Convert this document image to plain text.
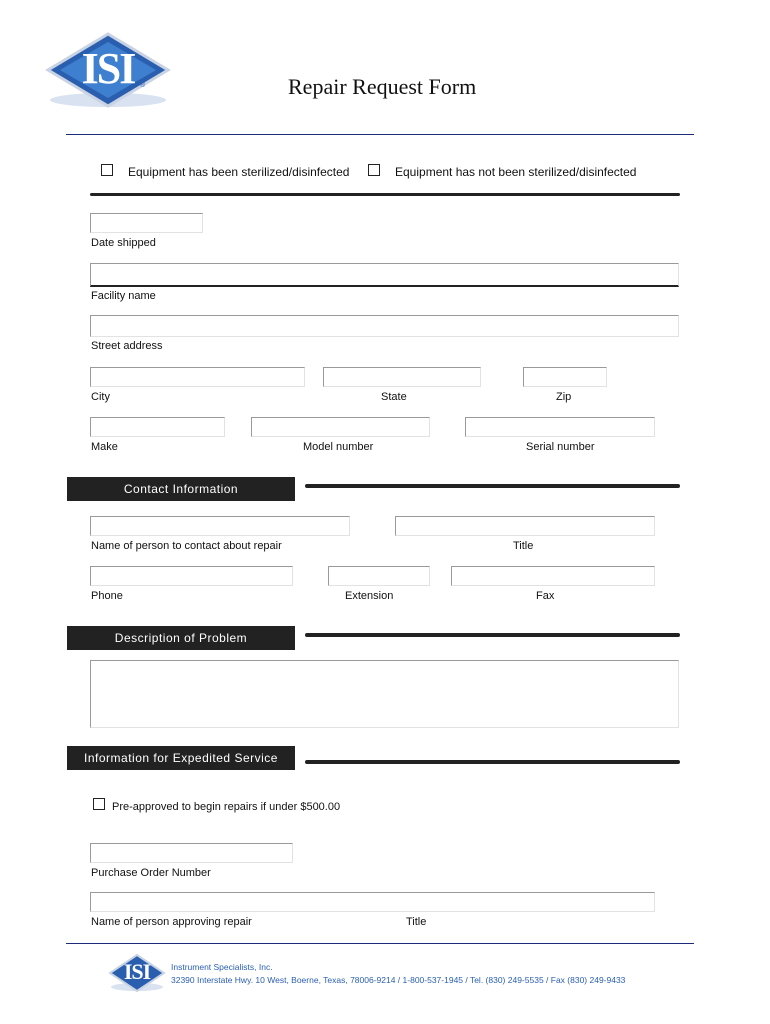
ISI ®	Repair Request Form
Equipment has been sterilized/disinfected	Equipment has not been sterilized/disinfected
Date shipped
Facility name
Street address
City	State	Zip
Make	Model number	Serial number
Contact Information
Name of person to contact about repair	Title
Phone	Extension	Fax
Description of Problem
Information for Expedited Service
Pre-approved to begin repairs if under $500.00
Purchase Order Number
Name of person approving repair	Title
ISI	Instrument Specialists, Inc.
32390 Interstate Hwy. 10 West, Boerne, Texas, 78006-9214 / 1-800-537-1945 / Tel. (830) 249-5535 / Fax (830) 249-9433
